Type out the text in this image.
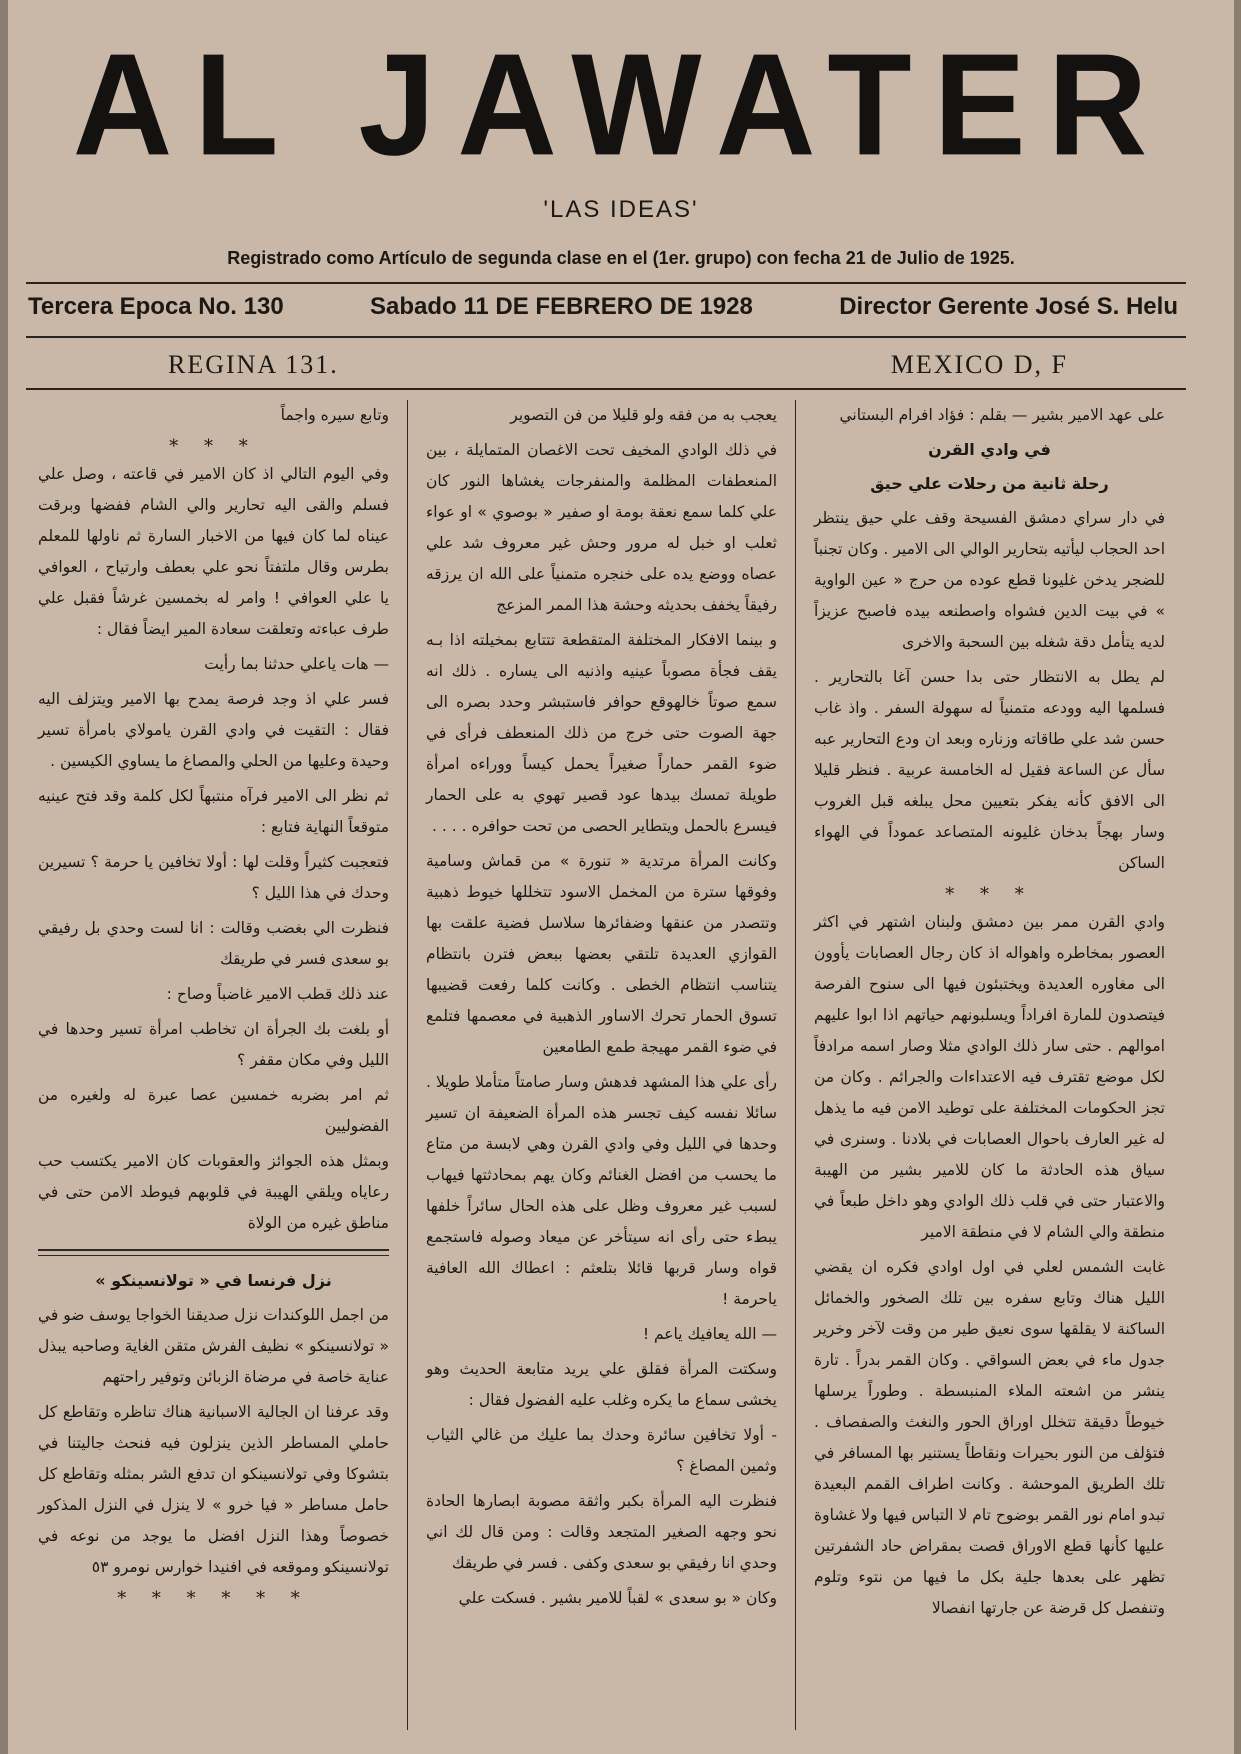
AL JAWATER
'LAS IDEAS'
Registrado como Artículo de segunda clase en el (1er. grupo) con fecha 21 de Julio de 1925.
Tercera Epoca No. 130	Sabado 11 DE FEBRERO DE 1928	Director Gerente José S. Helu
REGINA 131.	MEXICO D, F

وتابع سيره واجماً

* * *

وفي اليوم التالي اذ كان الامير في قاعته ، وصل علي فسلم والقى اليه تحارير والي الشام ففضها وبرقت عيناه لما كان فيها من الاخبار السارة ثم ناولها للمعلم بطرس وقال ملتفتاً نحو علي بعطف وارتياح ، العوافي يا علي العوافي ! وامر له بخمسين غرشاً فقبل علي طرف عباءته وتعلقت سعادة المير ايضاً فقال :

— هات ياعلي حدثنا بما رأيت

فسر علي اذ وجد فرصة يمدح بها الامير ويتزلف اليه فقال : التقيت في وادي القرن يامولاي بامرأة تسير وحيدة وعليها من الحلي والمصاغ ما يساوي الكيسين .

ثم نظر الى الامير فرآه منتبهاً لكل كلمة وقد فتح عينيه متوقعاً النهاية فتابع :

فتعجبت كثيراً وقلت لها : أولا تخافين يا حرمة ؟ تسيرين وحدك في هذا الليل ؟

فنظرت الي بغضب وقالت : انا لست وحدي بل رفيقي بو سعدى فسر في طريقك

عند ذلك قطب الامير غاضباً وصاح :

أو بلغت بك الجرأة ان تخاطب امرأة تسير وحدها في الليل وفي مكان مقفر ؟

ثم امر بضربه خمسين عصا عبرة له ولغيره من الفضوليين

وبمثل هذه الجوائز والعقوبات كان الامير يكتسب حب رعاياه ويلقي الهيبة في قلوبهم فيوطد الامن حتى في مناطق غيره من الولاة

نزل فرنسا في « تولانسينكو »

من اجمل اللوكندات نزل صديقنا الخواجا يوسف ضو في « تولانسينكو » نظيف الفرش متقن الغاية وصاحبه يبذل عناية خاصة في مرضاة الزبائن وتوفير راحتهم

وقد عرفنا ان الجالية الاسبانية هناك تناظره وتقاطع كل حاملي المساطر الذين ينزلون فيه فنحث جاليتنا في بتشوكا وفي تولانسينكو ان تدفع الشر بمثله وتقاطع كل حامل مساطر « فيا خرو » لا ينزل في النزل المذكور خصوصاً وهذا النزل افضل ما يوجد من نوعه في تولانسينكو وموقعه في افنيدا خوارس نومرو ٥٣

* * * * * *

يعجب به من فقه ولو قليلا من فن التصوير

في ذلك الوادي المخيف تحت الاغصان المتمايلة ، بين المنعطفات المظلمة والمنفرجات يغشاها النور كان علي كلما سمع نعقة بومة او صفير « بوصوي » او عواء ثعلب او خبل له مرور وحش غير معروف شد علي عصاه ووضع يده على خنجره متمنياً على الله ان يرزقه رفيقاً يخفف بحديثه وحشة هذا الممر المزعج

و بينما الافكار المختلفة المتقطعة تتتابع بمخيلته اذا بـه يقف فجأة مصوباً عينيه واذنيه الى يساره . ذلك انه سمع صوتاً خالهوقع حوافر فاستبشر وحدد بصره الى جهة الصوت حتى خرج من ذلك المنعطف فرأى في ضوء القمر حماراً صغيراً يحمل كيساً ووراءه امرأة طويلة تمسك بيدها عود قصير تهوي به على الحمار فيسرع بالحمل ويتطاير الحصى من تحت حوافره . . . .

وكانت المرأة مرتدية « تنورة » من قماش وسامية وفوقها سترة من المخمل الاسود تتخللها خيوط ذهبية وتتصدر من عنقها وضفائرها سلاسل فضية علقت بها القوازي العديدة تلتقي بعضها ببعض فترن بانتظام يتناسب انتظام الخطى . وكانت كلما رفعت قضيبها تسوق الحمار تحرك الاساور الذهبية في معصمها فتلمع في ضوء القمر مهيجة طمع الطامعين

رأى علي هذا المشهد فدهش وسار صامتاً متأملا طويلا . سائلا نفسه كيف تجسر هذه المرأة الضعيفة ان تسير وحدها في الليل وفي وادي القرن وهي لابسة من متاع ما يحسب من افضل الغنائم وكان يهم بمحادثتها فيهاب لسبب غير معروف وظل على هذه الحال سائراً خلفها يبطء حتى رأى انه سيتأخر عن ميعاد وصوله فاستجمع قواه وسار قربها قائلا بتلعثم : اعطاك الله العافية ياحرمة !

— الله يعافيك ياعم !

وسكتت المرأة فقلق علي يريد متابعة الحديث وهو يخشى سماع ما يكره وغلب عليه الفضول فقال :

- أولا تخافين سائرة وحدك بما عليك من غالي الثياب وثمين المصاغ ؟

فنظرت اليه المرأة بكبر واثقة مصوبة ابصارها الحادة نحو وجهه الصغير المتجعد وقالت : ومن قال لك اني وحدي انا رفيقي بو سعدى وكفى . فسر في طريقك

وكان « بو سعدى » لقباً للامير بشير . فسكت علي

على عهد الامير بشير — بقلم : فؤاد افرام البستاني

في وادي القرن
رحلة ثانية من رحلات علي حيق

في دار سراي دمشق الفسيحة وقف علي حيق ينتظر احد الحجاب ليأتيه بتحارير الوالي الى الامير . وكان تجنباً للضجر يدخن غليونا قطع عوده من حرج « عين الواوية » في بيت الدين فشواه واصطنعه بيده فاصبح عزيزاً لديه يتأمل دقة شغله بين السحبة والاخرى

لم يطل به الانتظار حتى بدا حسن آغا بالتحارير . فسلمها اليه وودعه متمنياً له سهولة السفر . واذ غاب حسن شد علي طاقاته وزناره وبعد ان ودع التحارير عبه سأل عن الساعة فقيل له الخامسة عربية . فنظر قليلا الى الافق كأنه يفكر بتعيين محل يبلغه قبل الغروب وسار بهجاً بدخان غليونه المتصاعد عموداً في الهواء الساكن

* * *

وادي القرن ممر بين دمشق ولبنان اشتهر في اكثر العصور بمخاطره واهواله اذ كان رجال العصابات يأوون الى مغاوره العديدة ويختبئون فيها الى سنوح الفرصة فيتصدون للمارة افراداً ويسلبونهم حياتهم اذا ابوا عليهم اموالهم . حتى سار ذلك الوادي مثلا وصار اسمه مرادفاً لكل موضع تقترف فيه الاعتداءات والجرائم . وكان من تجز الحكومات المختلفة على توطيد الامن فيه ما يذهل له غير العارف باحوال العصابات في بلادنا . وسنرى في سياق هذه الحادثة ما كان للامير بشير من الهيبة والاعتبار حتى في قلب ذلك الوادي وهو داخل طبعاً في منطقة والي الشام لا في منطقة الامير

غابت الشمس لعلي في اول اوادي فكره ان يقضي الليل هناك وتابع سفره بين تلك الصخور والخمائل الساكنة لا يقلقها سوى نعيق طير من وقت لآخر وخرير جدول ماء في بعض السواقي . وكان القمر بدراً . تارة ينشر من اشعته الملاء المنبسطة . وطوراً يرسلها خيوطاً دقيقة تتخلل اوراق الحور والنغث والصفصاف . فتؤلف من النور بحيرات ونقاطاً يستنير بها المسافر في تلك الطريق الموحشة . وكانت اطراف القمم البعيدة تبدو امام نور القمر بوضوح تام لا التباس فيها ولا غشاوة عليها كأنها قطع الاوراق قصت بمقراض حاد الشفرتين تظهر على بعدها جلية بكل ما فيها من نتوء وتلوم وتنفصل كل قرضة عن جارتها انفصالا
